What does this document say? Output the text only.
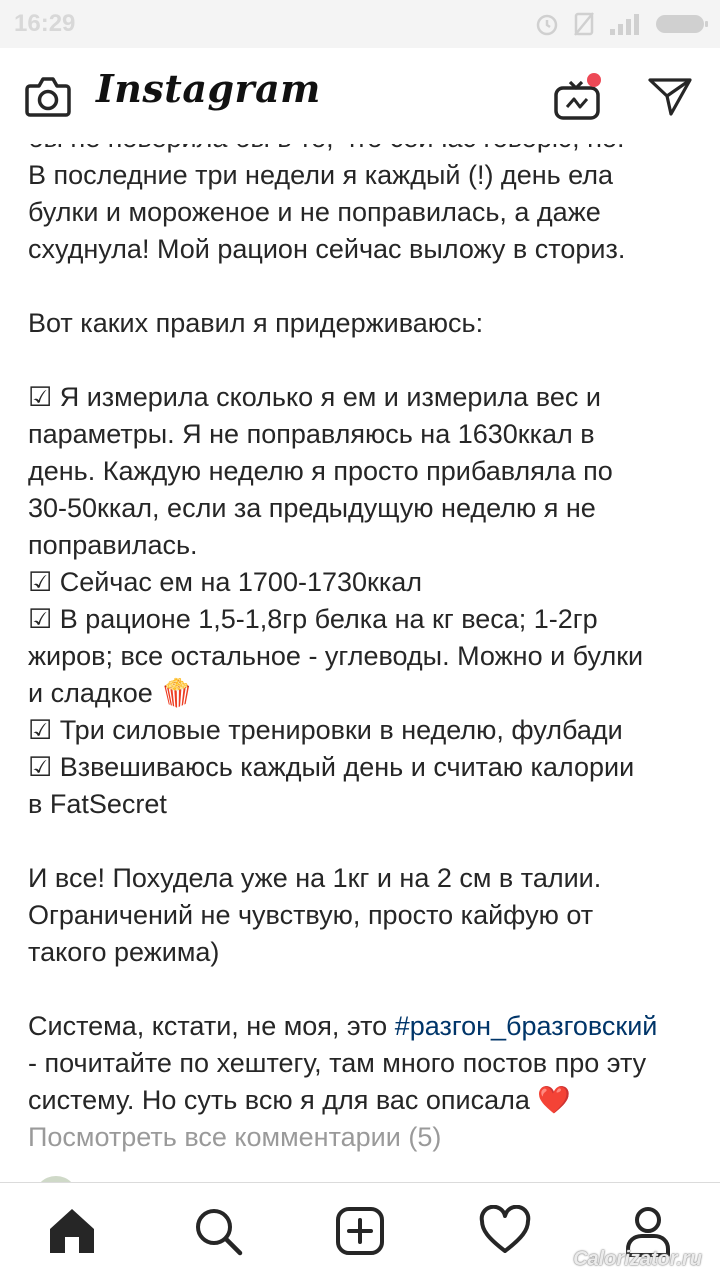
16:29
Instagram

В последние три недели я каждый (!) день ела

булки и мороженое и не поправилась, а даже

схуднула! Мой рацион сейчас выложу в сториз.

Вот каких правил я придерживаюсь:

☑ Я измерила сколько я ем и измерила вес и

параметры. Я не поправляюсь на 1630ккал в

день. Каждую неделю я просто прибавляла по

30-50ккал, если за предыдущую неделю я не

поправилась.

☑ Сейчас ем на 1700-1730ккал

☑ В рационе 1,5-1,8гр белка на кг веса; 1-2гр

жиров; все остальное - углеводы. Можно и булки

и сладкое 🍿

☑ Три силовые тренировки в неделю, фулбади

☑ Взвешиваюсь каждый день и считаю калории

в FatSecret

И все! Похудела уже на 1кг и на 2 см в талии.

Ограничений не чувствую, просто кайфую от

такого режима)

Система, кстати, не моя, это #разгон_бразговский

- почитайте по хештегу, там много постов про эту

систему. Но суть всю я для вас описала ❤️

Посмотреть все комментарии (5)

Calorizator.ru
